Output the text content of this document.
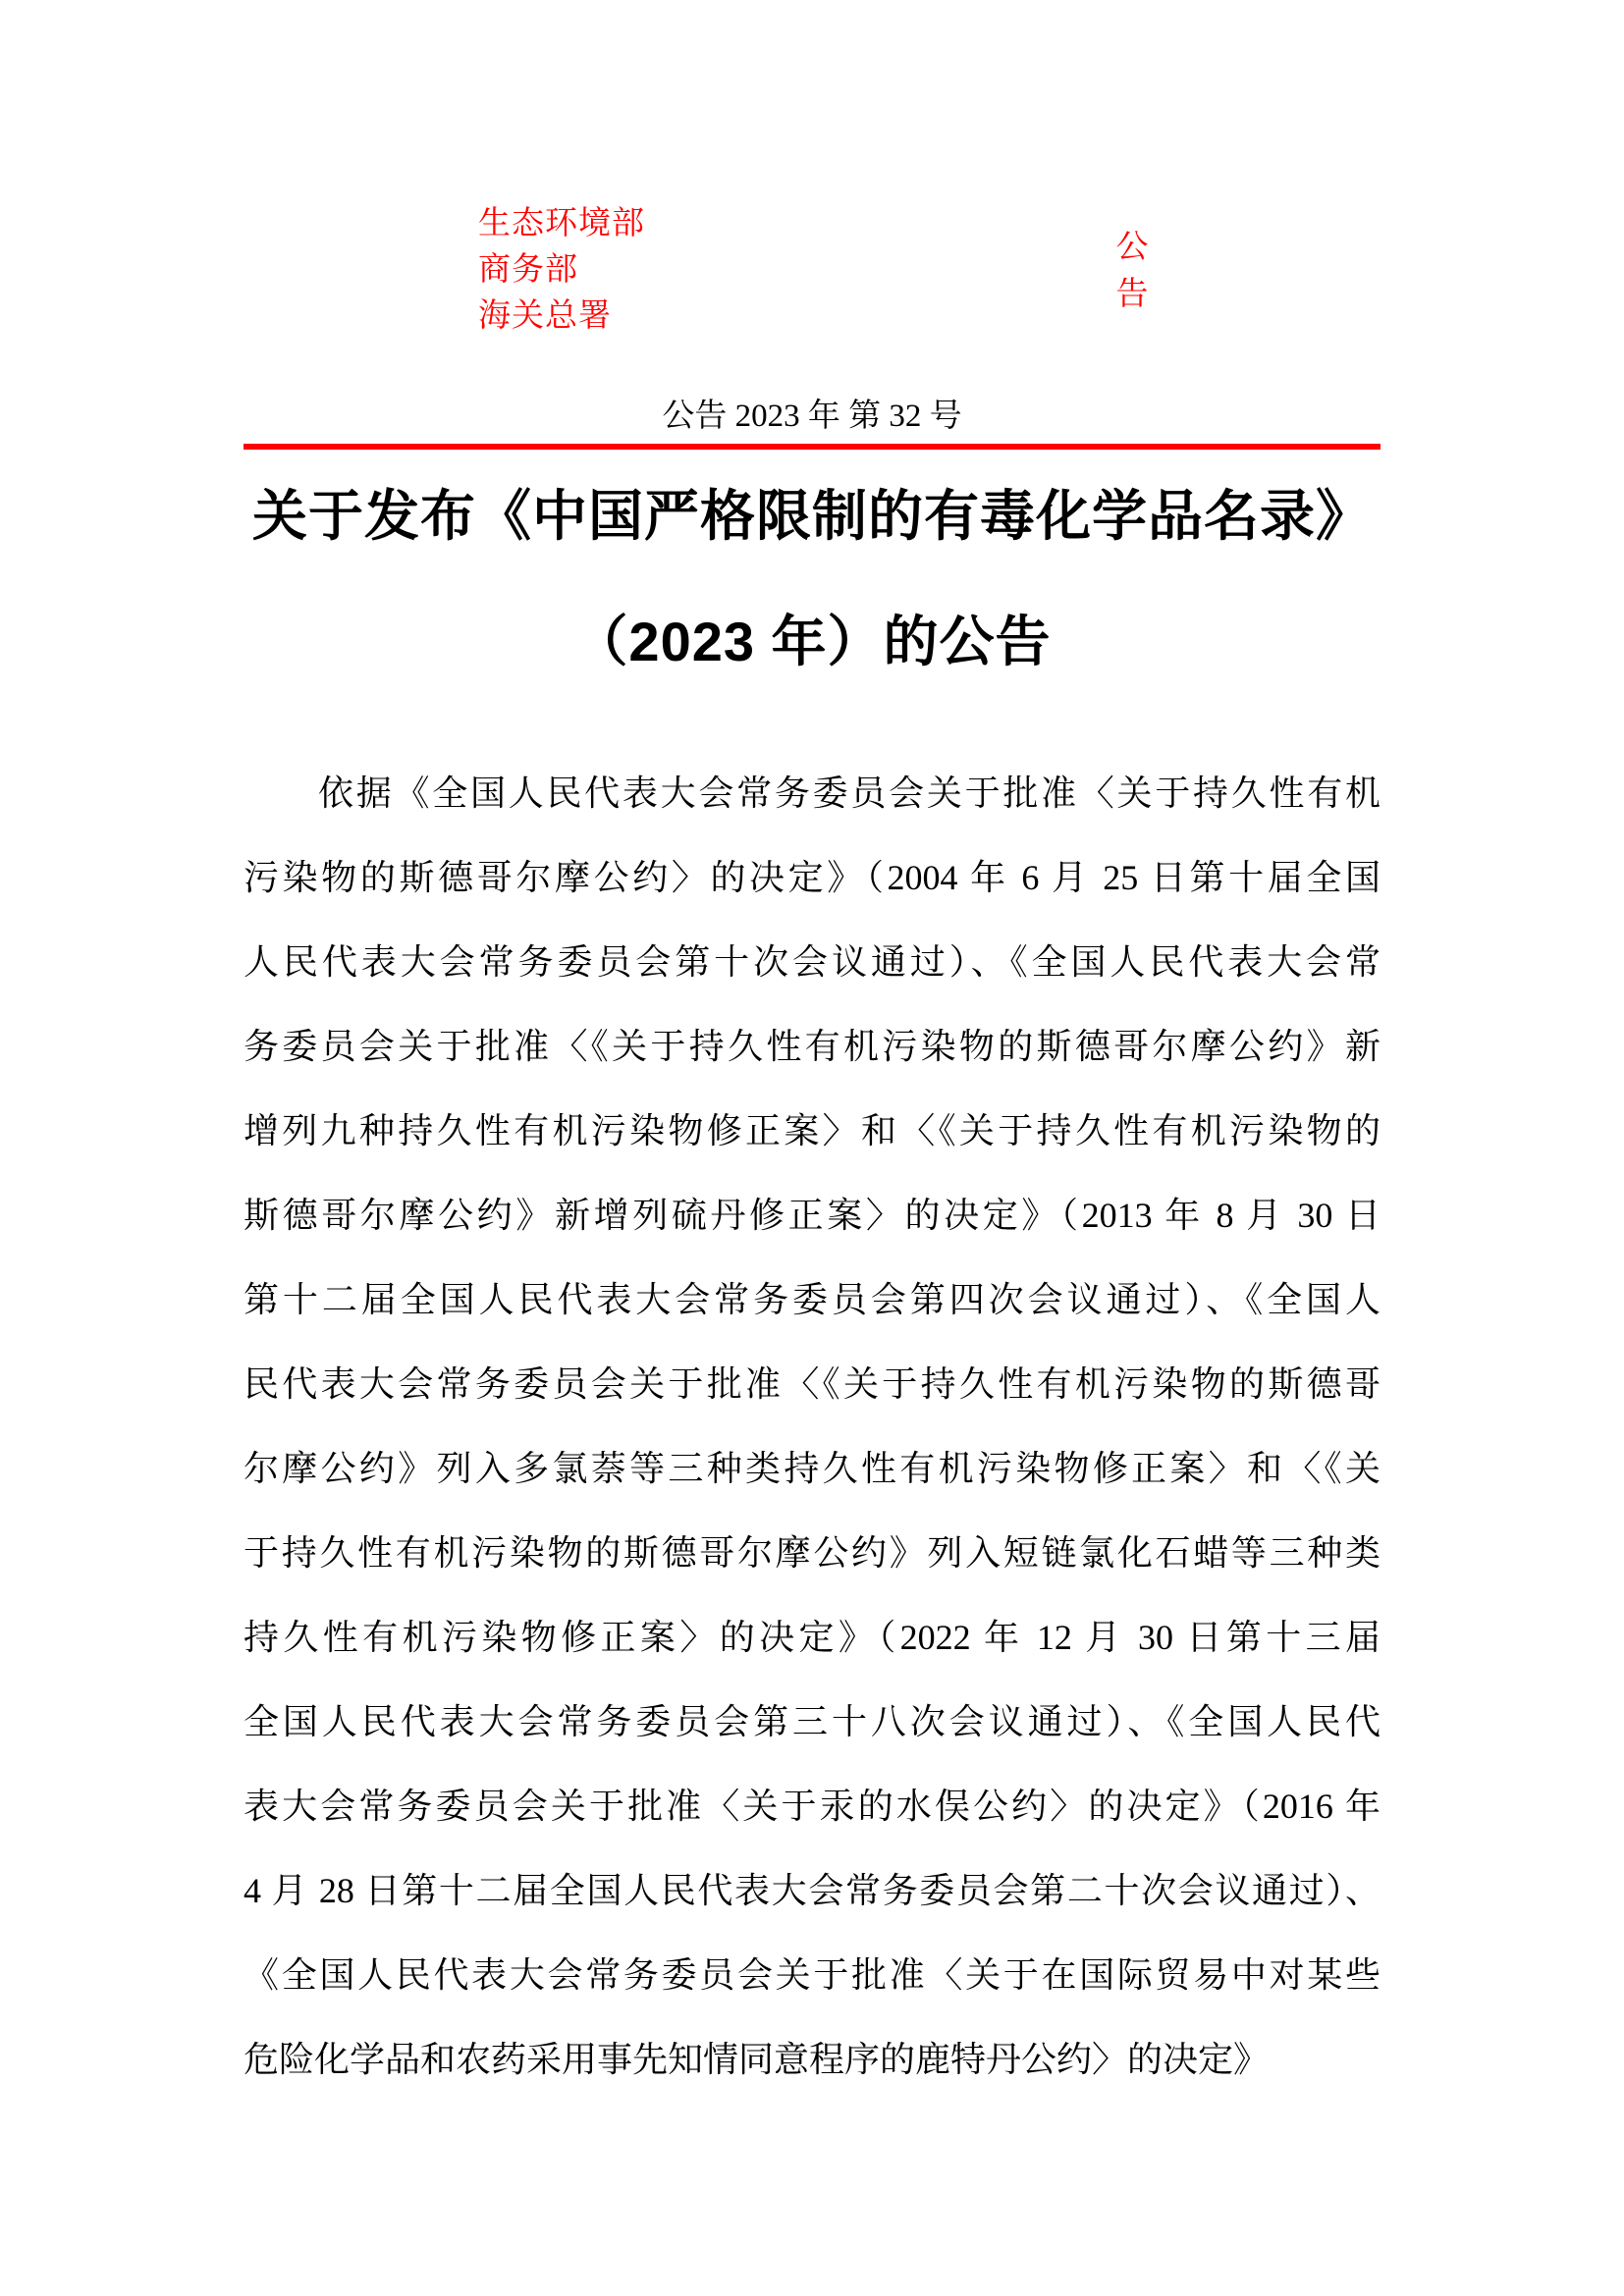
生态环境部
商务部
海关总署
公
告
公告 2023 年 第 32 号
关于发布《中国严格限制的有毒化学品名录》
（2023 年）的公告
依据《全国人民代表大会常务委员会关于批准〈关于持久性有机
污染物的斯德哥尔摩公约〉的决定》（2004 年 6 月 25 日第十届全国
人民代表大会常务委员会第十次会议通过）、《全国人民代表大会常
务委员会关于批准〈《关于持久性有机污染物的斯德哥尔摩公约》新
增列九种持久性有机污染物修正案〉和〈《关于持久性有机污染物的
斯德哥尔摩公约》新增列硫丹修正案〉的决定》（2013 年 8 月 30 日
第十二届全国人民代表大会常务委员会第四次会议通过）、《全国人
民代表大会常务委员会关于批准〈《关于持久性有机污染物的斯德哥
尔摩公约》列入多氯萘等三种类持久性有机污染物修正案〉和〈《关
于持久性有机污染物的斯德哥尔摩公约》列入短链氯化石蜡等三种类
持久性有机污染物修正案〉的决定》（2022 年 12 月 30 日第十三届
全国人民代表大会常务委员会第三十八次会议通过）、《全国人民代
表大会常务委员会关于批准〈关于汞的水俣公约〉的决定》（2016 年
4 月 28 日第十二届全国人民代表大会常务委员会第二十次会议通过）、
《全国人民代表大会常务委员会关于批准〈关于在国际贸易中对某些
危险化学品和农药采用事先知情同意程序的鹿特丹公约〉的决定》
